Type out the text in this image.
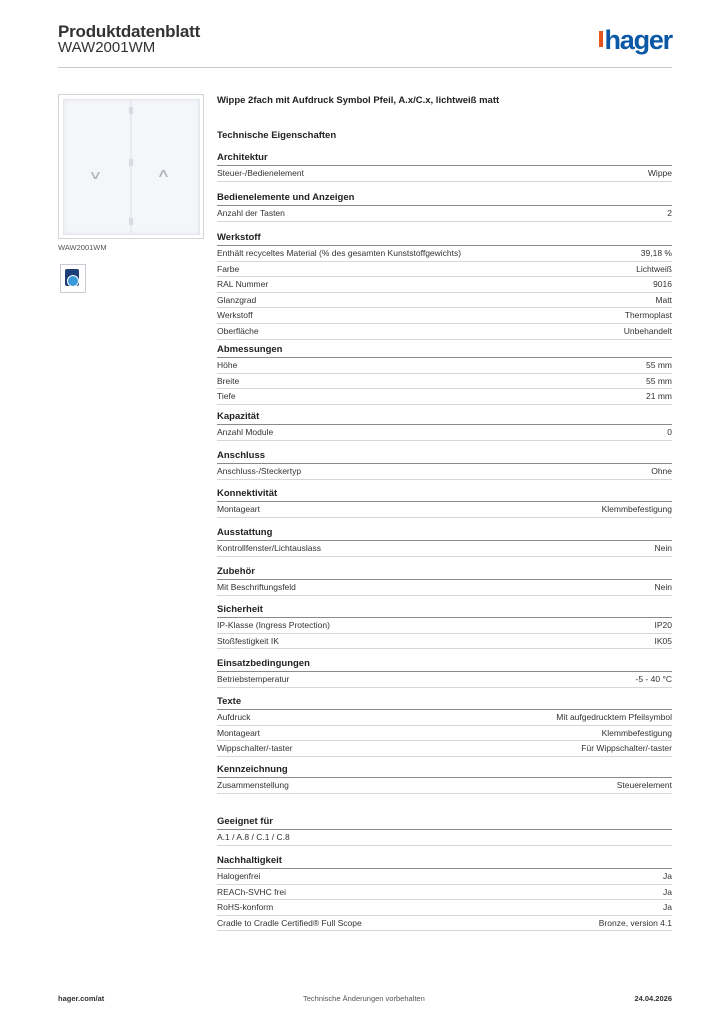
Produktdatenblatt
WAW2001WM	hager
∨	∧
WAW2001WM
Wippe 2fach mit Aufdruck Symbol Pfeil, A.x/C.x, lichtweiß matt
Technische Eigenschaften
Architektur
Steuer-/Bedienelement	Wippe
Bedienelemente und Anzeigen
Anzahl der Tasten	2
Werkstoff
Enthält recyceltes Material (% des gesamten Kunststoffgewichts)	39,18 %
Farbe	Lichtweiß
RAL Nummer	9016
Glanzgrad	Matt
Werkstoff	Thermoplast
Oberfläche	Unbehandelt
Abmessungen
Höhe	55 mm
Breite	55 mm
Tiefe	21 mm
Kapazität
Anzahl Module	0
Anschluss
Anschluss-/Steckertyp	Ohne
Konnektivität
Montageart	Klemmbefestigung
Ausstattung
Kontrollfenster/Lichtauslass	Nein
Zubehör
Mit Beschriftungsfeld	Nein
Sicherheit
IP-Klasse (Ingress Protection)	IP20
Stoßfestigkeit IK	IK05
Einsatzbedingungen
Betriebstemperatur	-5 - 40 °C
Texte
Aufdruck	Mit aufgedrucktem Pfeilsymbol
Montageart	Klemmbefestigung
Wippschalter/-taster	Für Wippschalter/-taster
Kennzeichnung
Zusammenstellung	Steuerelement
Geeignet für
A.1 / A.8 / C.1 / C.8
Nachhaltigkeit
Halogenfrei	Ja
REACh-SVHC frei	Ja
RoHS-konform	Ja
Cradle to Cradle Certified® Full Scope	Bronze, version 4.1
hager.com/at	Technische Änderungen vorbehalten	24.04.2026
